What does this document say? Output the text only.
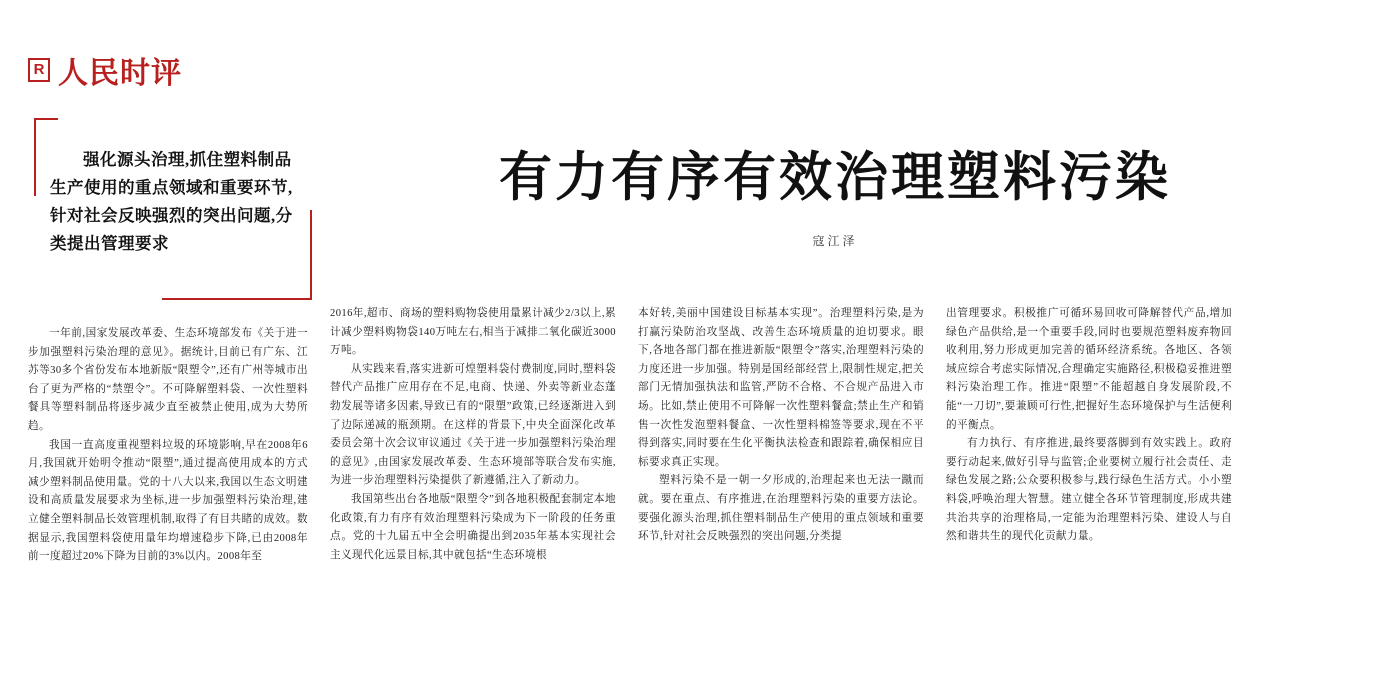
R 人民时评
强化源头治理,抓住塑料制品生产使用的重点领域和重要环节,针对社会反映强烈的突出问题,分类提出管理要求
有力有序有效治理塑料污染
寇江泽

一年前,国家发展改革委、生态环境部发布《关于进一步加强塑料污染治理的意见》。据统计,目前已有广东、江苏等30多个省份发布本地新版“限塑令”,还有广州等城市出台了更为严格的“禁塑令”。不可降解塑料袋、一次性塑料餐具等塑料制品将逐步减少直至被禁止使用,成为大势所趋。

我国一直高度重视塑料垃圾的环境影响,早在2008年6月,我国就开始明令推动“限塑”,通过提高使用成本的方式减少塑料制品使用量。党的十八大以来,我国以生态文明建设和高质量发展要求为坐标,进一步加强塑料污染治理,建立健全塑料制品长效管理机制,取得了有目共睹的成效。数据显示,我国塑料袋使用量年均增速稳步下降,已由2008年前一度超过20%下降为目前的3%以内。2008年至

2016年,超市、商场的塑料购物袋使用量累计减少2/3以上,累计减少塑料购物袋140万吨左右,相当于减排二氧化碳近3000万吨。

从实践来看,落实进新可煌塑料袋付费制度,同时,塑料袋替代产品推广应用存在不足,电商、快递、外卖等新业态蓬勃发展等诸多因素,导致已有的“限塑”政策,已经逐渐进入到了边际递减的瓶颈期。在这样的背景下,中央全面深化改革委员会第十次会议审议通过《关于进一步加强塑料污染治理的意见》,由国家发展改革委、生态环境部等联合发布实施,为进一步治理塑料污染提供了新遵循,注入了新动力。

我国第些出台各地版“限塑令”到各地积极配套制定本地化政策,有力有序有效治理塑料污染成为下一阶段的任务重点。党的十九届五中全会明确提出到2035年基本实现社会主义现代化远景目标,其中就包括“生态环境根

本好转,美丽中国建设目标基本实现”。治理塑料污染,是为打赢污染防治攻坚战、改善生态环境质量的迫切要求。眼下,各地各部门都在推进新版“限塑令”落实,治理塑料污染的力度还进一步加强。特别是国经部经营上,限制性规定,把关部门无情加强执法和监管,严防不合格、不合规产品进入市场。比如,禁止使用不可降解一次性塑料餐盒;禁止生产和销售一次性发泡塑料餐盒、一次性塑料棉签等要求,现在不平得到落实,同时要在生化平衡执法检查和跟踪着,确保相应目标要求真正实现。

塑料污染不是一朝一夕形成的,治理起来也无法一蹴而就。要在重点、有序推进,在治理塑料污染的重要方法论。要强化源头治理,抓住塑料制品生产使用的重点领域和重要环节,针对社会反映强烈的突出问题,分类提

出管理要求。积极推广可循环易回收可降解替代产品,增加绿色产品供给,是一个重要手段,同时也要规范塑料废弃物回收利用,努力形成更加完善的循环经济系统。各地区、各领域应综合考虑实际情况,合理确定实施路径,积极稳妥推进塑料污染治理工作。推进“限塑”不能超越自身发展阶段,不能“一刀切”,要兼顾可行性,把握好生态环境保护与生活便利的平衡点。

有力执行、有序推进,最终要落脚到有效实践上。政府要行动起来,做好引导与监管;企业要树立履行社会责任、走绿色发展之路;公众要积极参与,践行绿色生活方式。小小塑料袋,呼唤治理大智慧。建立健全各环节管理制度,形成共建共治共享的治理格局,一定能为治理塑料污染、建设人与自然和谐共生的现代化贡献力量。
